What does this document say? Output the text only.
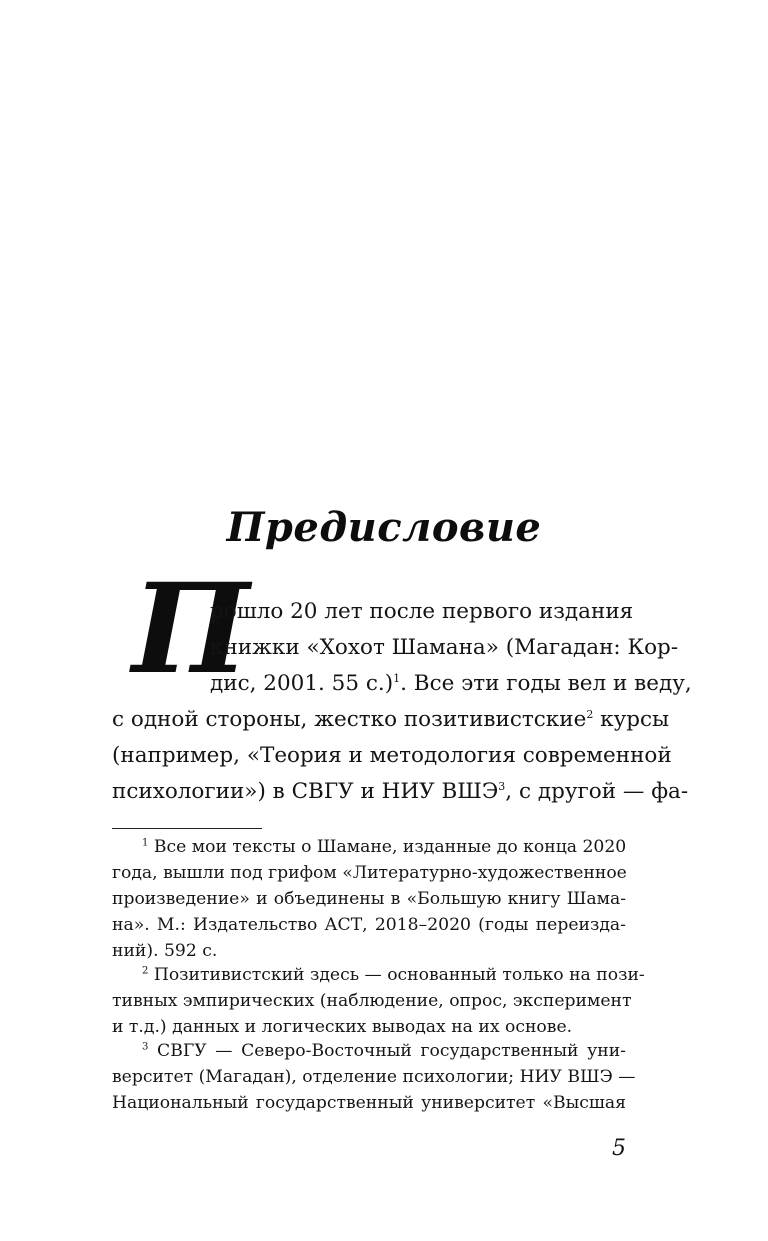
Предисловие
П
рошло 20 лет после первого издания
книжки «Хохот Шамана» (Магадан: Кор-
дис, 2001. 55 с.)$^1$. Все эти годы вел и веду,
с одной стороны, жестко позитивистские$^2$ курсы
(например, «Теория и методология современной
психологии») в СВГУ и НИУ ВШЭ$^3$, с другой — фа-
$^1$ Все мои тексты о Шамане, изданные до конца 2020
года, вышли под грифом «Литературно-художественное
произведение» и объединены в «Большую книгу Шама-
на». М.: Издательство АСТ, 2018–2020 (годы переизда-
ний). 592 с.
$^2$ Позитивистский здесь — основанный только на пози-
тивных эмпирических (наблюдение, опрос, эксперимент
и т.д.) данных и логических выводах на их основе.
$^3$ СВГУ — Северо-Восточный государственный уни-
верситет (Магадан), отделение психологии; НИУ ВШЭ —
Национальный государственный университет «Высшая
5
